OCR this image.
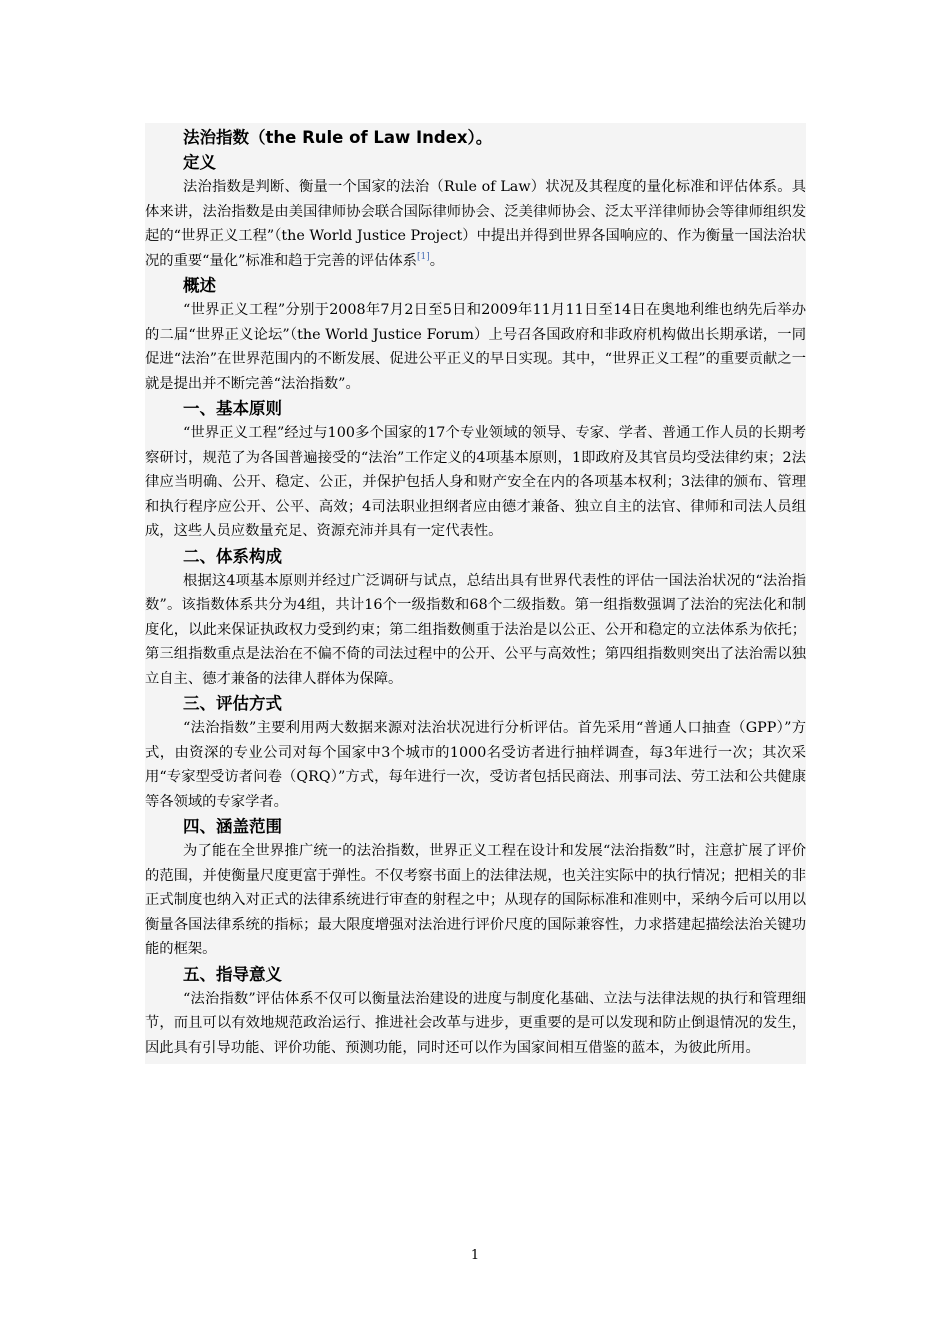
法治指数（the Rule of Law Index）。

定义

法治指数是判断、衡量一个国家的法治（Rule of Law）状况及其程度的量化标准和评估体系。具体来讲，法治指数是由美国律师协会联合国际律师协会、泛美律师协会、泛太平洋律师协会等律师组织发起的“世界正义工程”（the World Justice Project）中提出并得到世界各国响应的、作为衡量一国法治状况的重要“量化”标准和趋于完善的评估体系[1]。

概述

“世界正义工程”分别于2008年7月2日至5日和2009年11月11日至14日在奥地利维也纳先后举办的二届“世界正义论坛”（the World Justice Forum）上号召各国政府和非政府机构做出长期承诺，一同促进“法治”在世界范围内的不断发展、促进公平正义的早日实现。其中，“世界正义工程”的重要贡献之一就是提出并不断完善“法治指数”。

一、基本原则

“世界正义工程”经过与100多个国家的17个专业领域的领导、专家、学者、普通工作人员的长期考察研讨，规范了为各国普遍接受的“法治”工作定义的4项基本原则，1即政府及其官员均受法律约束；2法律应当明确、公开、稳定、公正，并保护包括人身和财产安全在内的各项基本权利；3法律的颁布、管理和执行程序应公开、公平、高效；4司法职业担纲者应由德才兼备、独立自主的法官、律师和司法人员组成，这些人员应数量充足、资源充沛并具有一定代表性。

二、体系构成

根据这4项基本原则并经过广泛调研与试点，总结出具有世界代表性的评估一国法治状况的“法治指数”。该指数体系共分为4组，共计16个一级指数和68个二级指数。第一组指数强调了法治的宪法化和制度化，以此来保证执政权力受到约束；第二组指数侧重于法治是以公正、公开和稳定的立法体系为依托；第三组指数重点是法治在不偏不倚的司法过程中的公开、公平与高效性；第四组指数则突出了法治需以独立自主、德才兼备的法律人群体为保障。

三、评估方式

“法治指数”主要利用两大数据来源对法治状况进行分析评估。首先采用“普通人口抽查（GPP）”方式，由资深的专业公司对每个国家中3个城市的1000名受访者进行抽样调查，每3年进行一次；其次采用“专家型受访者问卷（QRQ）”方式，每年进行一次，受访者包括民商法、刑事司法、劳工法和公共健康等各领域的专家学者。

四、涵盖范围

为了能在全世界推广统一的法治指数，世界正义工程在设计和发展“法治指数”时，注意扩展了评价的范围，并使衡量尺度更富于弹性。不仅考察书面上的法律法规，也关注实际中的执行情况；把相关的非正式制度也纳入对正式的法律系统进行审查的射程之中；从现存的国际标准和准则中，采纳今后可以用以衡量各国法律系统的指标；最大限度增强对法治进行评价尺度的国际兼容性，力求搭建起描绘法治关键功能的框架。

五、指导意义

“法治指数”评估体系不仅可以衡量法治建设的进度与制度化基础、立法与法律法规的执行和管理细节，而且可以有效地规范政治运行、推进社会改革与进步，更重要的是可以发现和防止倒退情况的发生，因此具有引导功能、评价功能、预测功能，同时还可以作为国家间相互借鉴的蓝本，为彼此所用。

1
